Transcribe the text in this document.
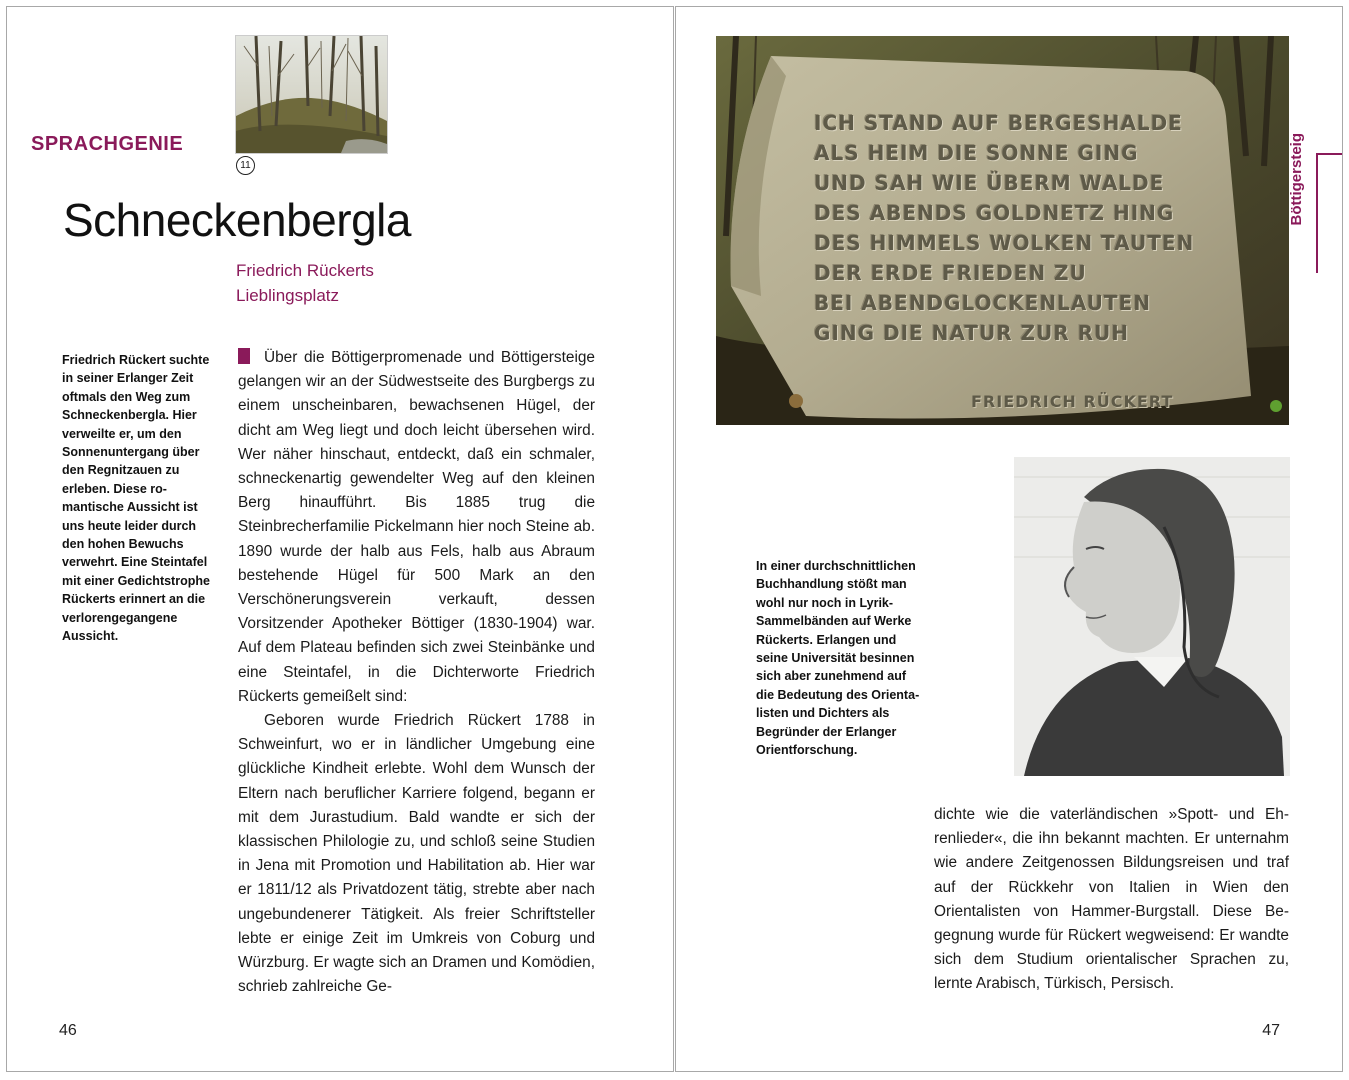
SPRACHGENIE
11
Schneckenbergla
Friedrich Rückerts Lieblingsplatz
Friedrich Rückert suchte in seiner Erlanger Zeit oftmals den Weg zum Schneckenbergla. Hier verweilte er, um den Sonnenuntergang über den Regnitzauen zu erleben. Diese romantische Aussicht ist uns heute leider durch den hohen Bewuchs verwehrt. Eine Steintafel mit einer Gedichtstrophe Rückerts erinnert an die verlorengegangene Aussicht.

Über die Böttigerpromenade und Böttigersteige gelangen wir an der Südwestseite des Burgbergs zu einem unscheinbaren, bewachsenen Hügel, der dicht am Weg liegt und doch leicht übersehen wird. Wer näher hinschaut, entdeckt, daß ein schmaler, schneckenartig gewendelter Weg auf den kleinen Berg hinaufführt. Bis 1885 trug die Steinbrecherfamilie Pickelmann hier noch Steine ab. 1890 wurde der halb aus Fels, halb aus Abraum bestehende Hügel für 500 Mark an den Verschönerungsverein verkauft, dessen Vorsitzender Apotheker Böttiger (1830-1904) war. Auf dem Plateau befinden sich zwei Steinbänke und eine Steintafel, in die Dichterworte Friedrich Rückerts gemeißelt sind:

Geboren wurde Friedrich Rückert 1788 in Schweinfurt, wo er in ländlicher Umgebung eine glückliche Kindheit erlebte. Wohl dem Wunsch der Eltern nach beruflicher Karriere folgend, begann er mit dem Jurastudium. Bald wandte er sich der klassischen Philologie zu, und schloß seine Studien in Jena mit Promotion und Habilitation ab. Hier war er 1811/12 als Privatdozent tätig, strebte aber nach ungebundenerer Tätigkeit. Als freier Schriftsteller lebte er einige Zeit im Umkreis von Coburg und Würzburg. Er wagte sich an Dramen und Komödien, schrieb zahlreiche Ge-

46
ICH STAND AUF BERGESHALDE
ALS HEIM DIE SONNE GING
UND SAH WIE ÜBERM WALDE
DES ABENDS GOLDNETZ HING
DES HIMMELS WOLKEN TAUTEN
DER ERDE FRIEDEN ZU
BEI ABENDGLOCKENLAUTEN
GING DIE NATUR ZUR RUH
FRIEDRICH RÜCKERT
Böttigersteig
In einer durchschnittlichen Buchhandlung stößt man wohl nur noch in Lyrik-Sammelbänden auf Werke Rückerts. Erlangen und seine Universität besinnen sich aber zunehmend auf die Bedeutung des Orientalisten und Dichters als Begründer der Erlanger Orientforschung.

dichte wie die vaterländischen »Spott- und Ehrenlieder«, die ihn bekannt machten. Er unternahm wie andere Zeitgenossen Bildungsreisen und traf auf der Rückkehr von Italien in Wien den Orientalisten von Hammer-Burgstall. Diese Begegnung wurde für Rückert wegweisend: Er wandte sich dem Studium orientalischer Sprachen zu, lernte Arabisch, Türkisch, Persisch.

47
